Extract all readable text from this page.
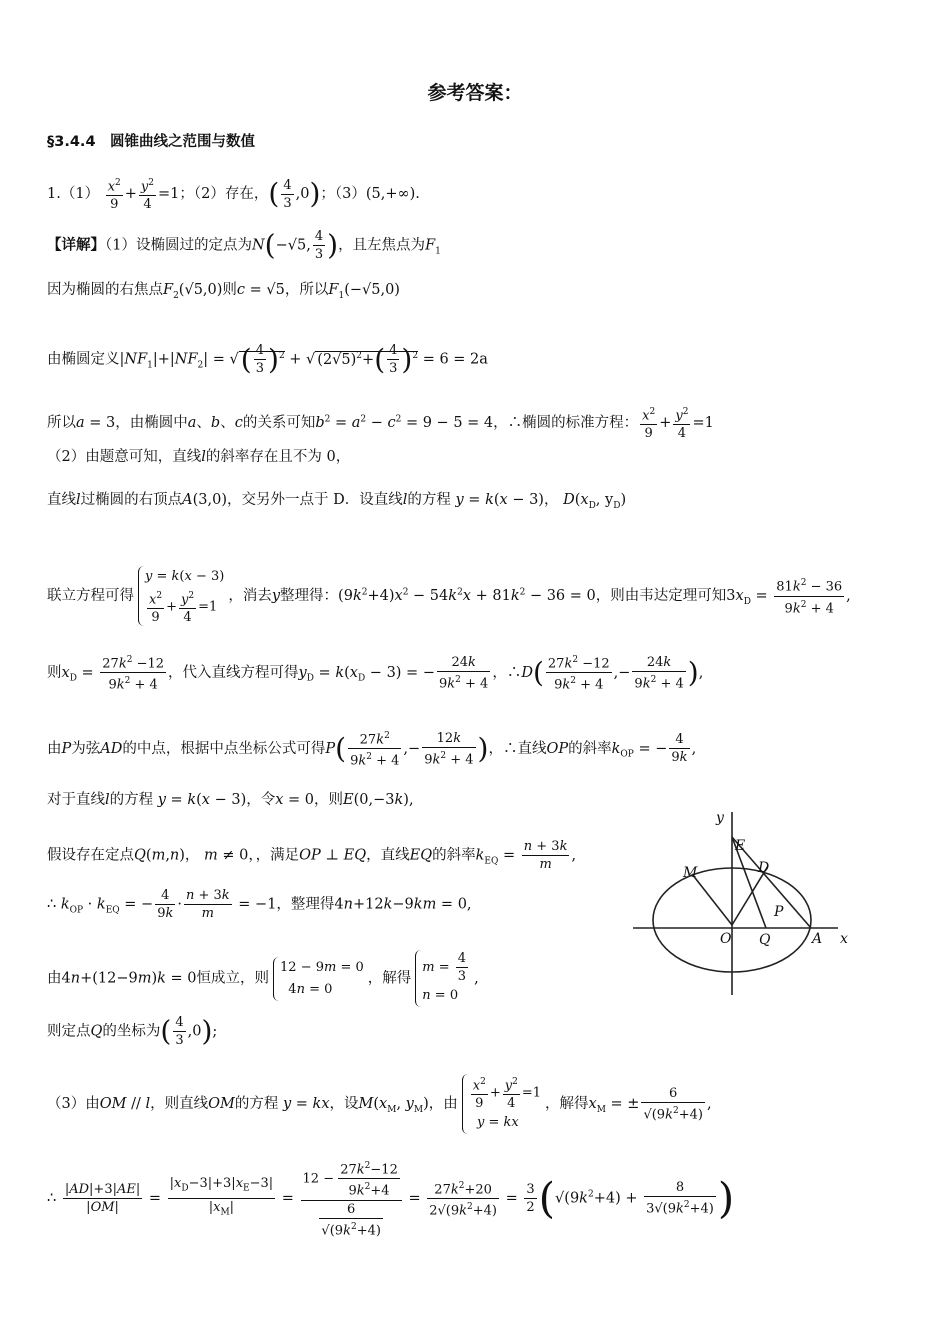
参考答案：
§3.4.4　圆锥曲线之范围与数值
$1.(1) \frac{x^2}{9} + \frac{y^2}{4} =1$；（2）存在，( $\frac{4}{3} ,0$)；（3）(5,+∞).
【详解】（1）设椭圆过的定点为N(−√5, $\frac{4}{3}$ )，且左焦点为$F_1$
因为椭圆的右焦点$F_2(√5,0)$则c = √5，所以$F_1(-√5,0)$
由椭圆定义$|NF_1|+|NF_2|$ = √( $\frac{4}{3} )^2$ + √ $(2√5)^2+( \frac{4}{3} )^2 = 6 = 2a$
所以a = 3，由椭圆中a、b、c的关系可知$b^2 = a^2 - c^2 = 9 - 5 = 4$，∴椭圆的标准方程： $\frac{x^2}{9} + \frac{y^2}{4} =1$
（2）由题意可知，直线l的斜率存在且不为 0，
直线l过椭圆的右顶点A(3,0)，交另外一点于 D．设直线l的方程 y = k(x − 3)， $D(x_D$, $y_D$)
联立方程可得y = k(x − 3)

$\frac{x^2}{9} + \frac{y^2}{4} =1$，消去y整理得：$(9k^2+4)x^2 - 54k^2x + 81k^2 - 36 = 0$，则由韦达定理可知$3x_D = \frac{81k^2 - 36}{9k^2 + 4}$ ,
则$x_D = \frac{27k^2 -12}{9k^2 + 4}$ ，代入直线方程可得$y_D = k(x_D - 3)$ = − $\frac{24k}{9k^2 + 4}$ ，∴D( $\frac{27k^2 -12}{9k^2 + 4}$ ,− $\frac{24k}{9k^2 + 4}$ ),
由P为弦AD的中点，根据中点坐标公式可得$P( \frac{27k^2}{9k^2 + 4}$ ,− $\frac{12k}{9k^2 + 4}$ )，∴直线OP的斜率$k_{OP}$ = − $\frac{4}{9k}$ ,
对于直线l的方程 y = k(x − 3)，令x = 0，则E(0,−3k),
假设存在定点Q(m,n)， m ≠ 0，，满足OP ⊥ EQ，直线EQ的斜率$k_{EQ} = \frac{n + 3k}{m}$ ,
∴ $k_{OP} \cdot k_{EQ}$ = − $\frac{4}{9k} \cdot \frac{n + 3k}{m} = -1$，整理得4n+12k−9km = 0,
由4n+(12−9m)k = 0恒成立，则12 − 9m = 0
4n = 0，解得$m = \frac{4}{3}$

n = 0,
则定点Q的坐标为( $\frac{4}{3} ,0$);
（3）由OM // l，则直线OM的方程 y = kx，设$M(x_M$, $y_M$)，由 $\frac{x^2}{9} + \frac{y^2}{4} =1$
y = kx，解得$x_M$ = ± $\frac{6}{√(9k^2+4)}$ ,
∴ $\frac{|AD|+3|AE|}{|OM|} = \frac{|x_D-3|+3|x_E-3|}{|x_M|} = \frac{12 - \frac{27k^2-12}{9k^2+4}}{\frac{6}{√(9k^2+4)}} = \frac{27k^2+20}{2√(9k^2+4)} = \frac{3}{2} (√(9k^2+4) + \frac{8}{3√(9k^2+4)}$ )
y
E
D
M
P
O Q	A x
